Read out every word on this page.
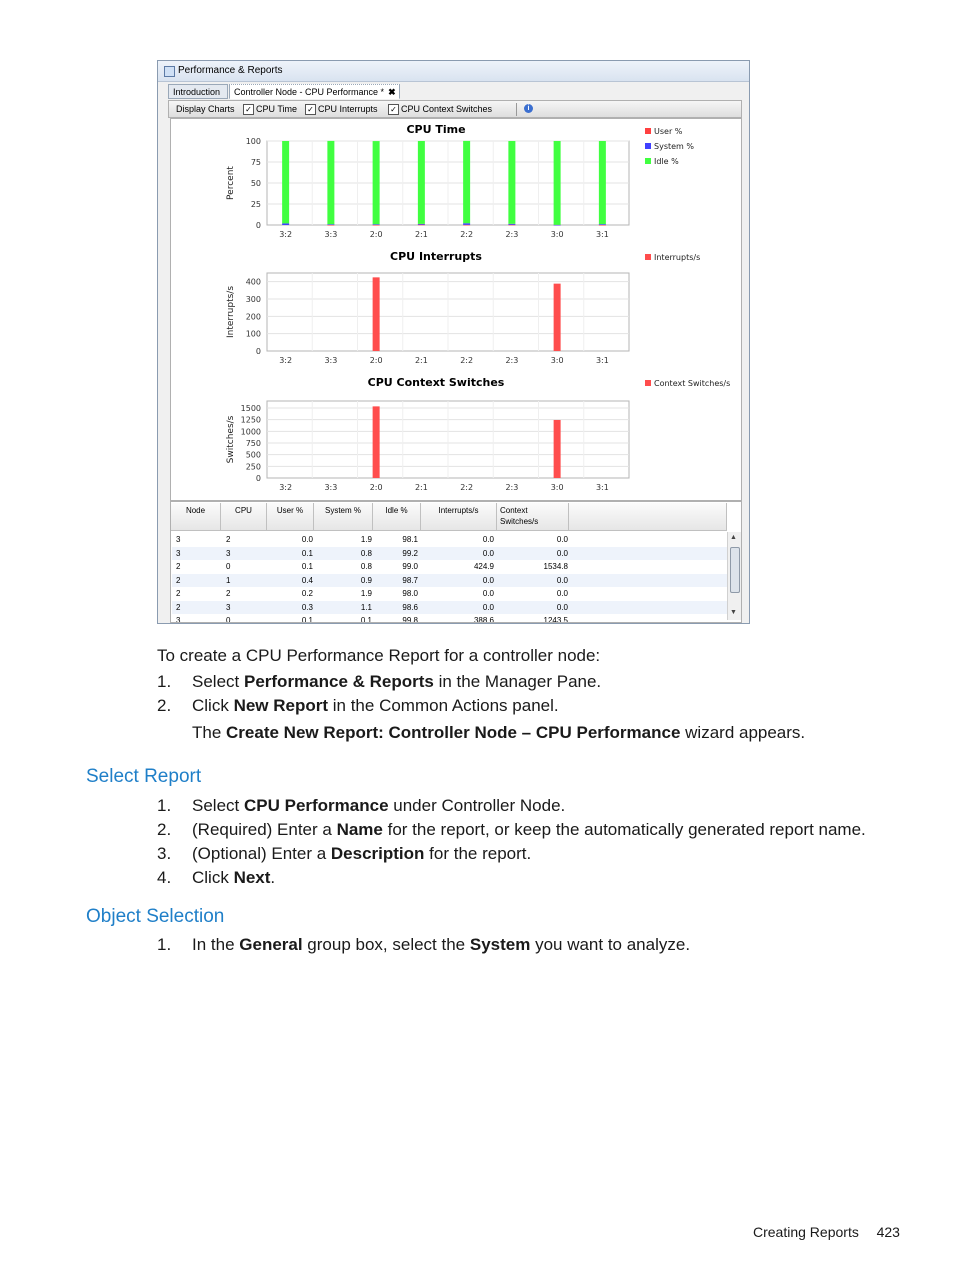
Performance & Reports
Introduction	Controller Node - CPU Performance * ✖
Display Charts ✓ CPU Time ✓ CPU Interrupts ✓ CPU Context Switches	i
CPU Time
0
25
50
75
100
Percent
3:2	3:3	2:0	2:1	2:2	2:3	3:0	3:1
User %
System %
Idle %
CPU Interrupts
0
100
200
300
400
Interrupts/s
3:2	3:3	2:0	2:1	2:2	2:3	3:0	3:1
Interrupts/s
CPU Context Switches
0
250
500
750
1000
1250
1500
Switches/s
3:2	3:3	2:0	2:1	2:2	2:3	3:0	3:1
Context Switches/s
Node	CPU	User %	System %	Idle %	Interrupts/s	Context Switches/s
3	2	0.0	1.9	98.1	0.0	0.0
3	3	0.1	0.8	99.2	0.0	0.0
2	0	0.1	0.8	99.0	424.9	1534.8
2	1	0.4	0.9	98.7	0.0	0.0
2	2	0.2	1.9	98.0	0.0	0.0
2	3	0.3	1.1	98.6	0.0	0.0
3	0	0.1	0.1	99.8	388.6	1243.5
▲
▼
To create a CPU Performance Report for a controller node:
1. Select Performance & Reports in the Manager Pane.
2. Click New Report in the Common Actions panel.
The Create New Report: Controller Node – CPU Performance wizard appears.
Select Report
1. Select CPU Performance under Controller Node.
2. (Required) Enter a Name for the report, or keep the automatically generated report name.
3. (Optional) Enter a Description for the report.
4. Click Next.
Object Selection
1. In the General group box, select the System you want to analyze.
Creating Reports 423
